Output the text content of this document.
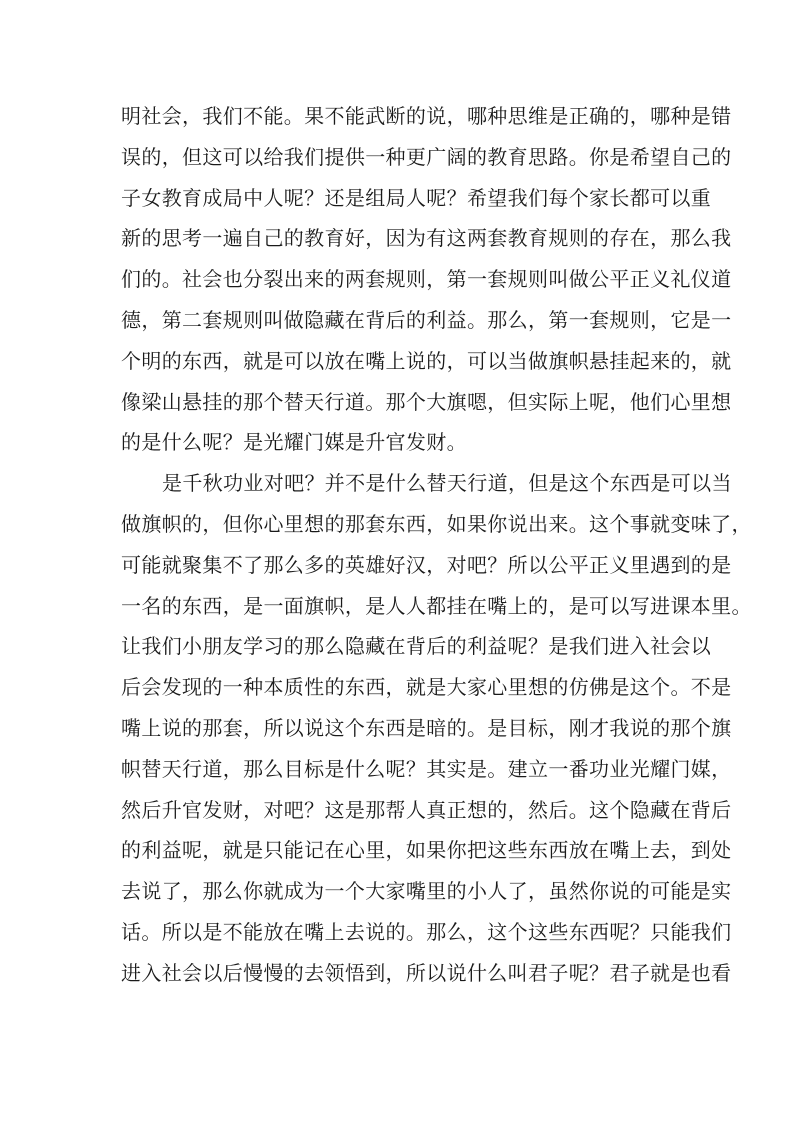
明社会，我们不能。果不能武断的说，哪种思维是正确的，哪种是错
误的，但这可以给我们提供一种更广阔的教育思路。你是希望自己的
子女教育成局中人呢？还是组局人呢？希望我们每个家长都可以重
新的思考一遍自己的教育好，因为有这两套教育规则的存在，那么我
们的。社会也分裂出来的两套规则，第一套规则叫做公平正义礼仪道
德，第二套规则叫做隐藏在背后的利益。那么，第一套规则，它是一
个明的东西，就是可以放在嘴上说的，可以当做旗帜悬挂起来的，就
像梁山悬挂的那个替天行道。那个大旗嗯，但实际上呢，他们心里想
的是什么呢？是光耀门媒是升官发财。
是千秋功业对吧？并不是什么替天行道，但是这个东西是可以当
做旗帜的，但你心里想的那套东西，如果你说出来。这个事就变味了，
可能就聚集不了那么多的英雄好汉，对吧？所以公平正义里遇到的是
一名的东西，是一面旗帜，是人人都挂在嘴上的，是可以写进课本里。
让我们小朋友学习的那么隐藏在背后的利益呢？是我们进入社会以
后会发现的一种本质性的东西，就是大家心里想的仿佛是这个。不是
嘴上说的那套，所以说这个东西是暗的。是目标，刚才我说的那个旗
帜替天行道，那么目标是什么呢？其实是。建立一番功业光耀门媒，
然后升官发财，对吧？这是那帮人真正想的，然后。这个隐藏在背后
的利益呢，就是只能记在心里，如果你把这些东西放在嘴上去，到处
去说了，那么你就成为一个大家嘴里的小人了，虽然你说的可能是实
话。所以是不能放在嘴上去说的。那么，这个这些东西呢？只能我们
进入社会以后慢慢的去领悟到，所以说什么叫君子呢？君子就是也看
